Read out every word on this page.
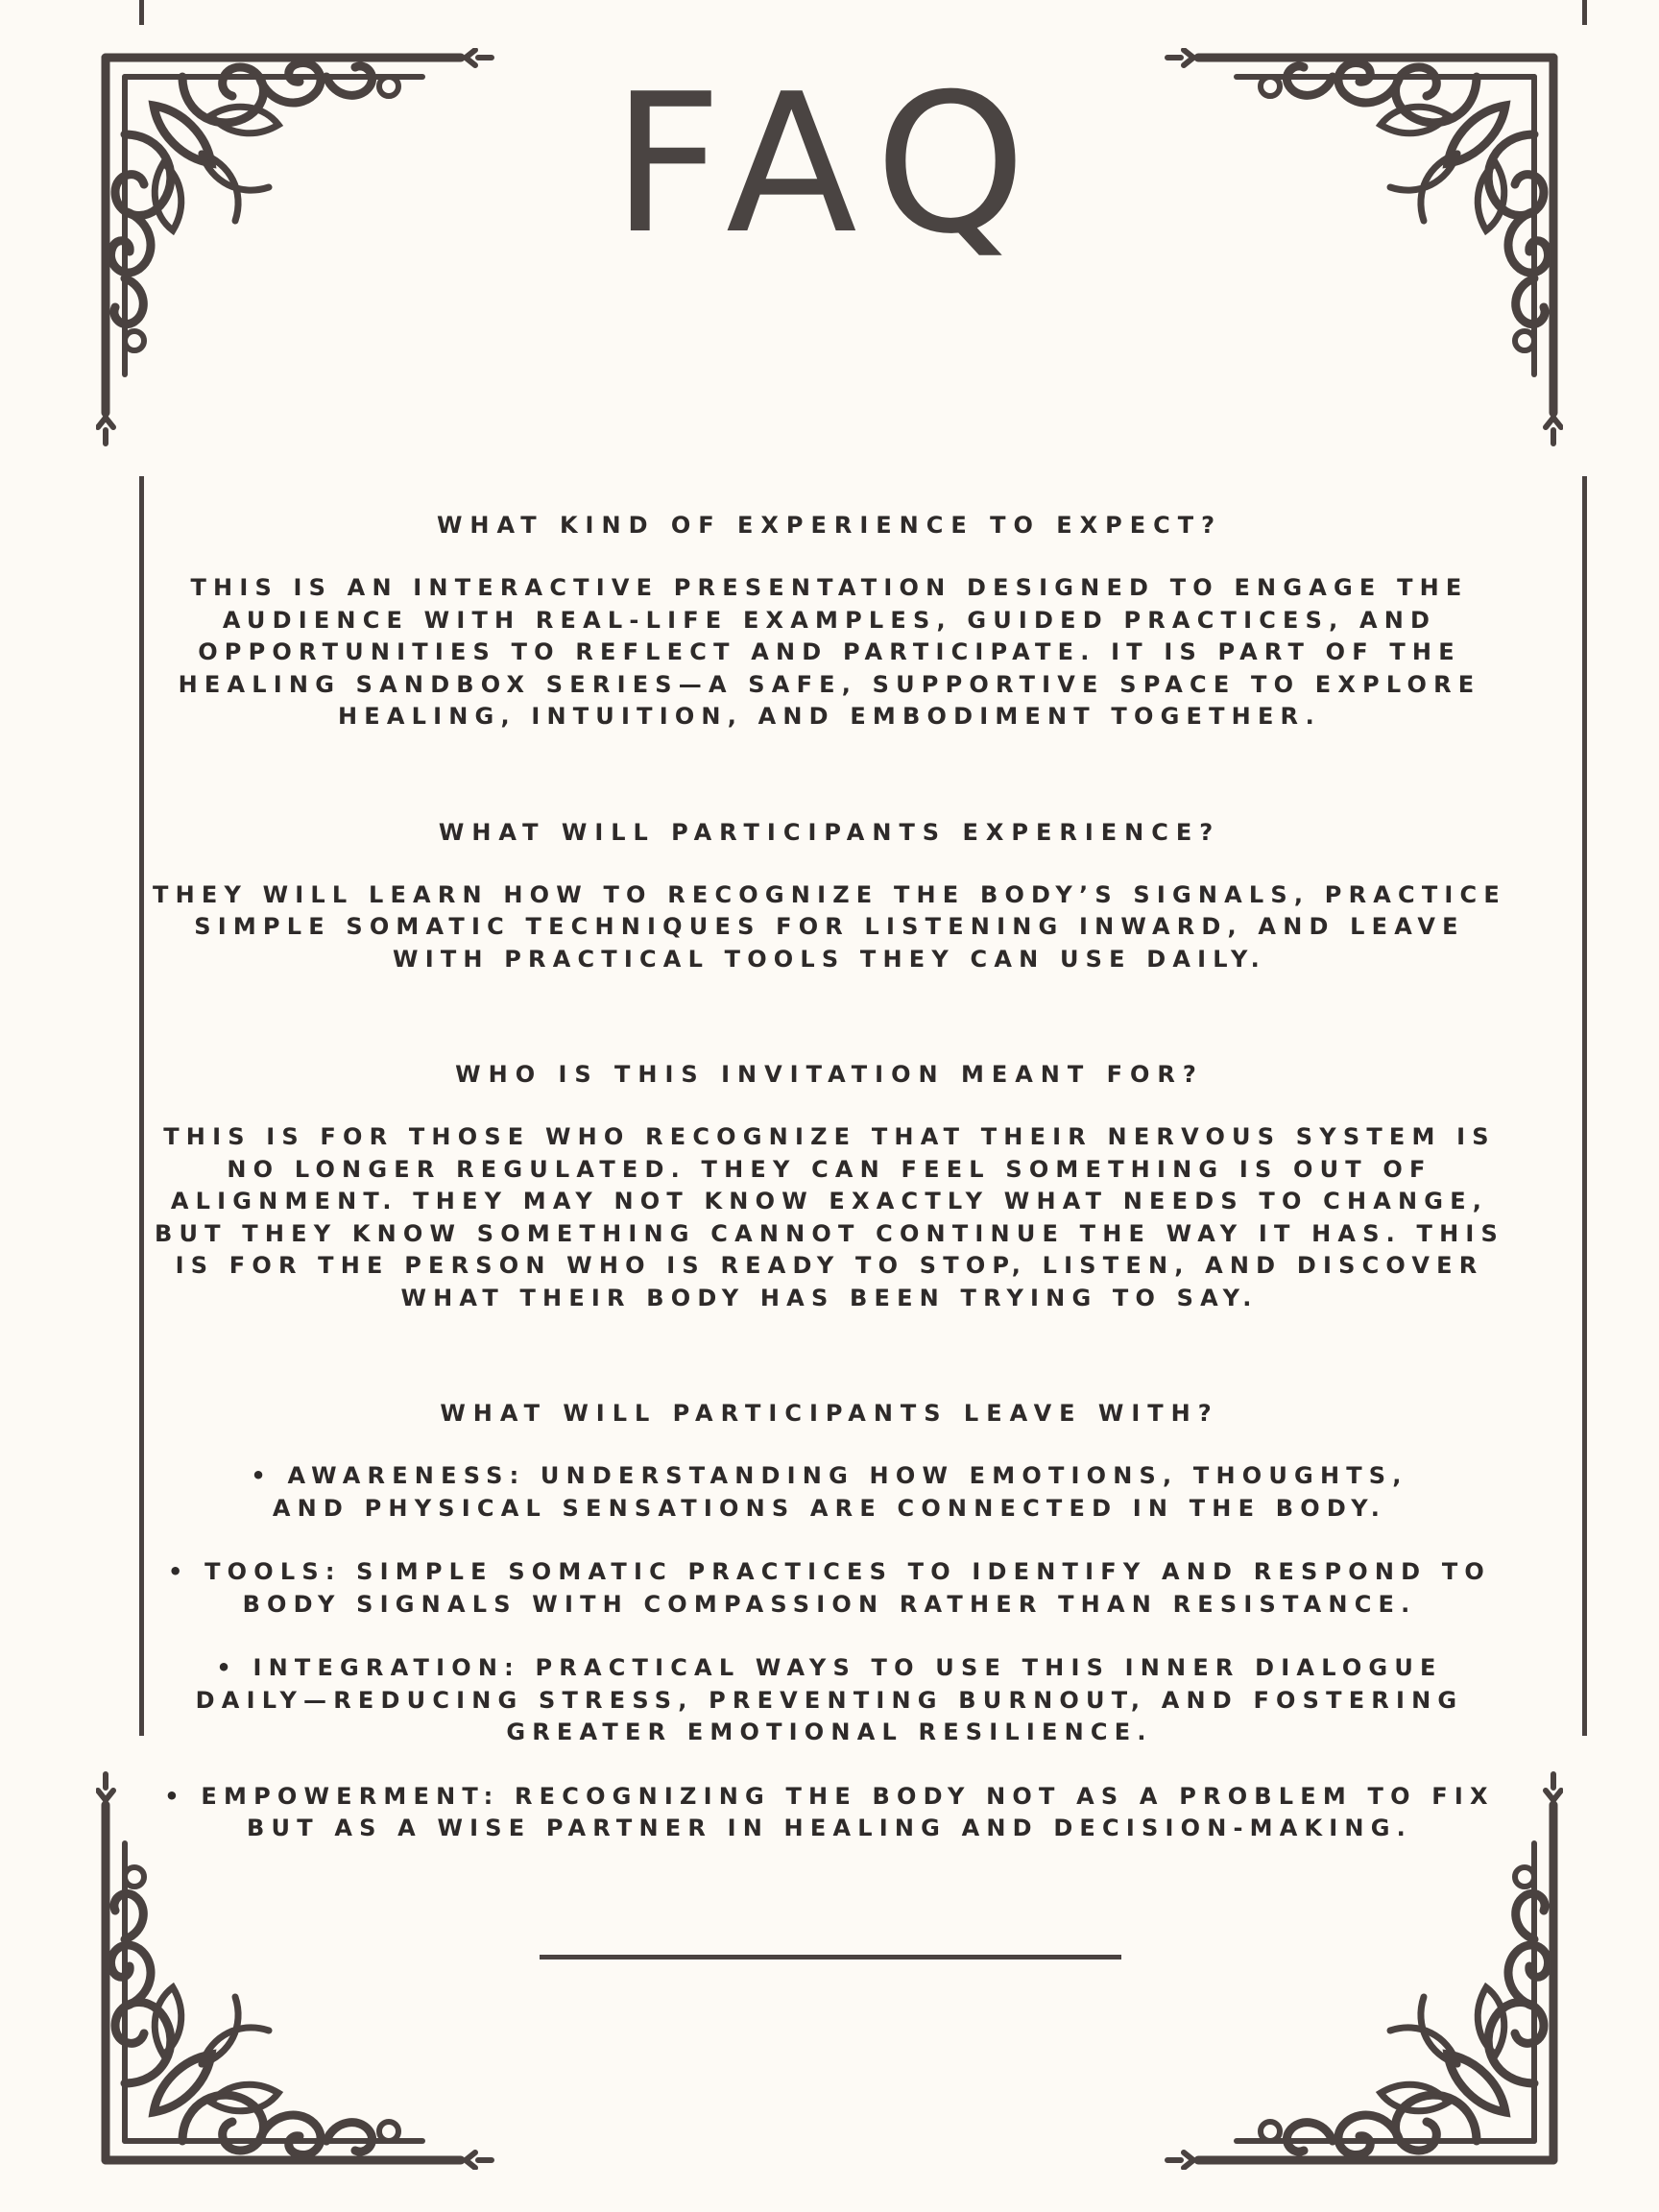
FAQ
WHAT KIND OF EXPERIENCE TO EXPECT?
THIS IS AN INTERACTIVE PRESENTATION DESIGNED TO ENGAGE THE AUDIENCE WITH REAL-LIFE EXAMPLES, GUIDED PRACTICES, AND OPPORTUNITIES TO REFLECT AND PARTICIPATE. IT IS PART OF THE HEALING SANDBOX SERIES—A SAFE, SUPPORTIVE SPACE TO EXPLORE HEALING, INTUITION, AND EMBODIMENT TOGETHER.
WHAT WILL PARTICIPANTS EXPERIENCE?
THEY WILL LEARN HOW TO RECOGNIZE THE BODY’S SIGNALS, PRACTICE SIMPLE SOMATIC TECHNIQUES FOR LISTENING INWARD, AND LEAVE WITH PRACTICAL TOOLS THEY CAN USE DAILY.
WHO IS THIS INVITATION MEANT FOR?
THIS IS FOR THOSE WHO RECOGNIZE THAT THEIR NERVOUS SYSTEM IS NO LONGER REGULATED. THEY CAN FEEL SOMETHING IS OUT OF ALIGNMENT. THEY MAY NOT KNOW EXACTLY WHAT NEEDS TO CHANGE, BUT THEY KNOW SOMETHING CANNOT CONTINUE THE WAY IT HAS. THIS IS FOR THE PERSON WHO IS READY TO STOP, LISTEN, AND DISCOVER WHAT THEIR BODY HAS BEEN TRYING TO SAY.
WHAT WILL PARTICIPANTS LEAVE WITH?
• AWARENESS: UNDERSTANDING HOW EMOTIONS, THOUGHTS, AND PHYSICAL SENSATIONS ARE CONNECTED IN THE BODY.
• TOOLS: SIMPLE SOMATIC PRACTICES TO IDENTIFY AND RESPOND TO BODY SIGNALS WITH COMPASSION RATHER THAN RESISTANCE.
• INTEGRATION: PRACTICAL WAYS TO USE THIS INNER DIALOGUE DAILY—REDUCING STRESS, PREVENTING BURNOUT, AND FOSTERING GREATER EMOTIONAL RESILIENCE.
• EMPOWERMENT: RECOGNIZING THE BODY NOT AS A PROBLEM TO FIX BUT AS A WISE PARTNER IN HEALING AND DECISION-MAKING.
